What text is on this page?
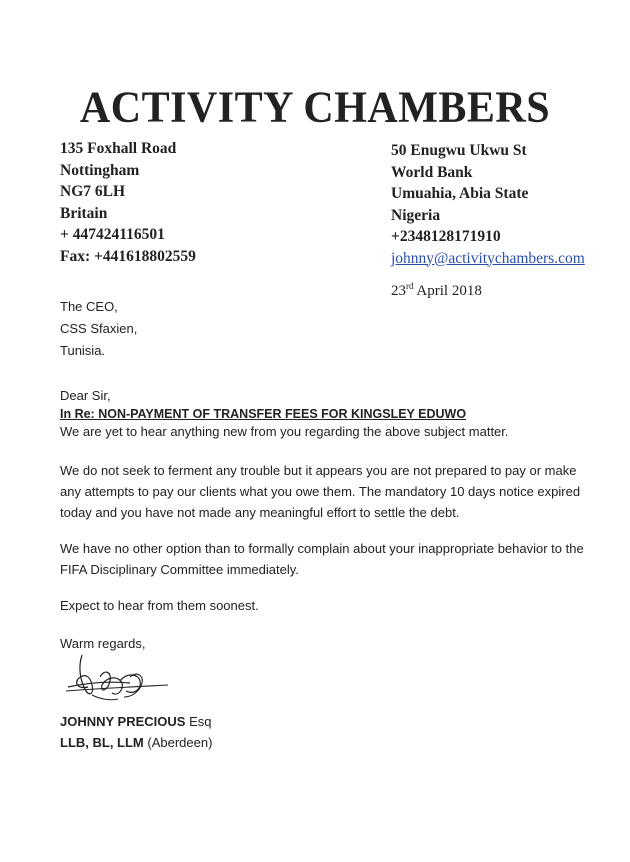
ACTIVITY CHAMBERS
135 Foxhall Road
Nottingham
NG7 6LH
Britain
+ 447424116501
Fax: +441618802559
50 Enugwu Ukwu St
World Bank
Umuahia, Abia State
Nigeria
+2348128171910
johnny@activitychambers.com
23rd April 2018
The CEO,
CSS Sfaxien,
Tunisia.
Dear Sir,
In Re: NON-PAYMENT OF TRANSFER FEES FOR KINGSLEY EDUWO
We are yet to hear anything new from you regarding the above subject matter.
We do not seek to ferment any trouble but it appears you are not prepared to pay or make any attempts to pay our clients what you owe them. The mandatory 10 days notice expired today and you have not made any meaningful effort to settle the debt.
We have no other option than to formally complain about your inappropriate behavior to the FIFA Disciplinary Committee immediately.
Expect to hear from them soonest.
Warm regards,
JOHNNY PRECIOUS Esq
LLB, BL, LLM (Aberdeen)
